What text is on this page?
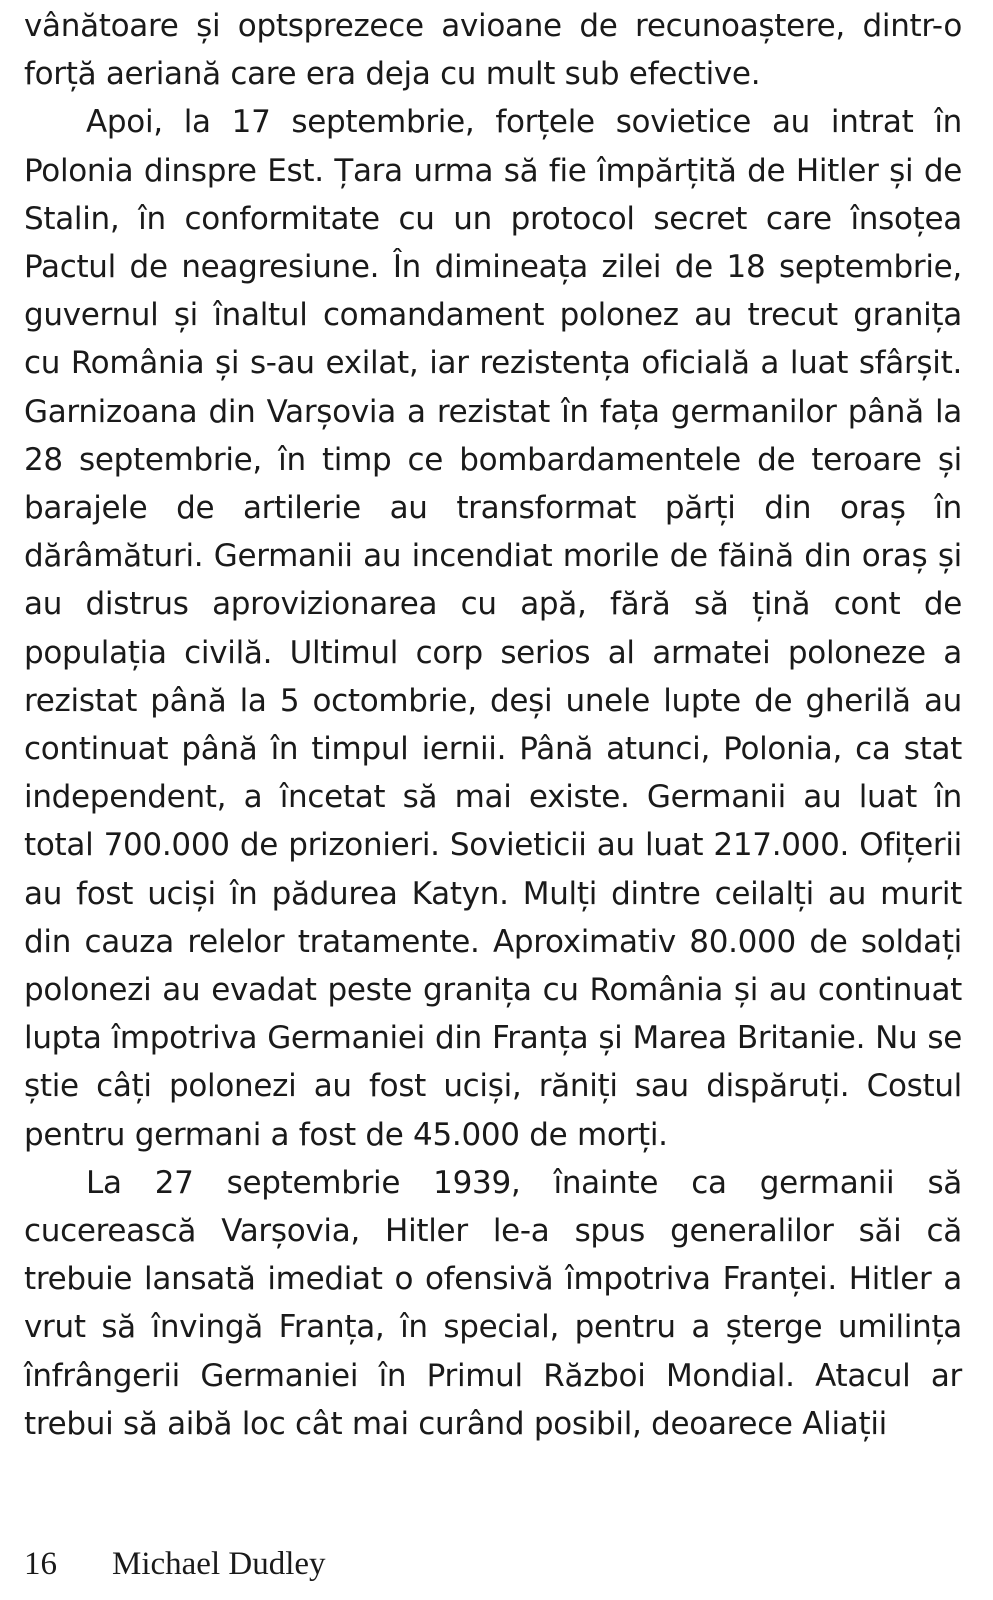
vânătoare și optsprezece avioane de recunoaștere, dintr-o forță aeriană care era deja cu mult sub efective.

Apoi, la 17 septembrie, forțele sovietice au intrat în Polonia dinspre Est. Țara urma să fie împărțită de Hitler și de Stalin, în conformitate cu un protocol secret care însoțea Pactul de neagresiune. În dimineața zilei de 18 septembrie, guvernul și înaltul comandament polonez au trecut granița cu România și s-au exilat, iar rezistența oficială a luat sfârșit. Garnizoana din Varșovia a rezistat în fața germanilor până la 28 septembrie, în timp ce bombardamentele de teroare și barajele de artilerie au transformat părți din oraș în dărâmături. Germanii au incendiat morile de făină din oraș și au distrus aprovizionarea cu apă, fără să țină cont de populația civilă. Ultimul corp serios al armatei poloneze a rezistat până la 5 octombrie, deși unele lupte de gherilă au continuat până în timpul iernii. Până atunci, Polonia, ca stat independent, a încetat să mai existe. Germanii au luat în total 700.000 de prizonieri. Sovieticii au luat 217.000. Ofițerii au fost uciși în pădurea Katyn. Mulți dintre ceilalți au murit din cauza relelor tratamente. Aproximativ 80.000 de soldați polonezi au evadat peste granița cu România și au continuat lupta împotriva Germaniei din Franța și Marea Britanie. Nu se știe câți polonezi au fost uciși, răniți sau dispăruți. Costul pentru germani a fost de 45.000 de morți.

La 27 septembrie 1939, înainte ca germanii să cucerească Varșovia, Hitler le-a spus generalilor săi că trebuie lansată imediat o ofensivă împotriva Franței. Hitler a vrut să învingă Franța, în special, pentru a șterge umilința înfrângerii Germaniei în Primul Război Mondial. Atacul ar trebui să aibă loc cât mai curând posibil, deoarece Aliații

16 Michael Dudley
